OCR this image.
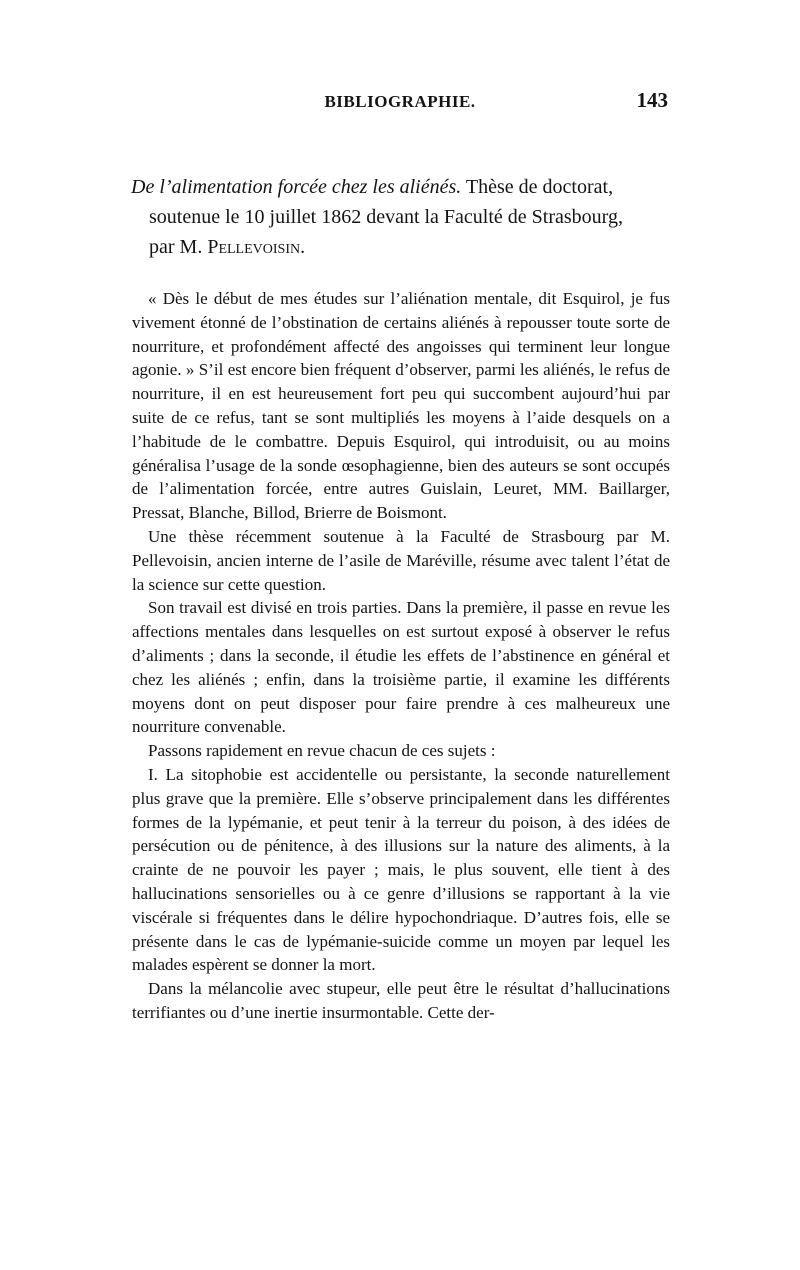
BIBLIOGRAPHIE.	143
De l’alimentation forcée chez les aliénés. Thèse de doctorat,
soutenue le 10 juillet 1862 devant la Faculté de Strasbourg,
par M. Pellevoisin.

« Dès le début de mes études sur l’aliénation mentale, dit Esquirol, je fus vivement étonné de l’obstination de certains aliénés à repousser toute sorte de nourriture, et profondément affecté des angoisses qui terminent leur longue agonie. » S’il est encore bien fréquent d’observer, parmi les aliénés, le refus de nourriture, il en est heureusement fort peu qui succombent aujourd’hui par suite de ce refus, tant se sont multipliés les moyens à l’aide desquels on a l’habitude de le combattre. Depuis Esquirol, qui introduisit, ou au moins généralisa l’usage de la sonde œsophagienne, bien des auteurs se sont occupés de l’alimentation forcée, entre autres Guislain, Leuret, MM. Baillarger, Pressat, Blanche, Billod, Brierre de Boismont.

Une thèse récemment soutenue à la Faculté de Strasbourg par M. Pellevoisin, ancien interne de l’asile de Maréville, résume avec talent l’état de la science sur cette question.

Son travail est divisé en trois parties. Dans la première, il passe en revue les affections mentales dans lesquelles on est surtout exposé à observer le refus d’aliments ; dans la seconde, il étudie les effets de l’abstinence en général et chez les aliénés ; enfin, dans la troisième partie, il examine les différents moyens dont on peut disposer pour faire prendre à ces malheureux une nourriture convenable.

Passons rapidement en revue chacun de ces sujets :

I. La sitophobie est accidentelle ou persistante, la seconde naturellement plus grave que la première. Elle s’observe principalement dans les différentes formes de la lypémanie, et peut tenir à la terreur du poison, à des idées de persécution ou de pénitence, à des illusions sur la nature des aliments, à la crainte de ne pouvoir les payer ; mais, le plus souvent, elle tient à des hallucinations sensorielles ou à ce genre d’illusions se rapportant à la vie viscérale si fréquentes dans le délire hypochondriaque. D’autres fois, elle se présente dans le cas de lypémanie-suicide comme un moyen par lequel les malades espèrent se donner la mort.

Dans la mélancolie avec stupeur, elle peut être le résultat d’hallucinations terrifiantes ou d’une inertie insurmontable. Cette der-
